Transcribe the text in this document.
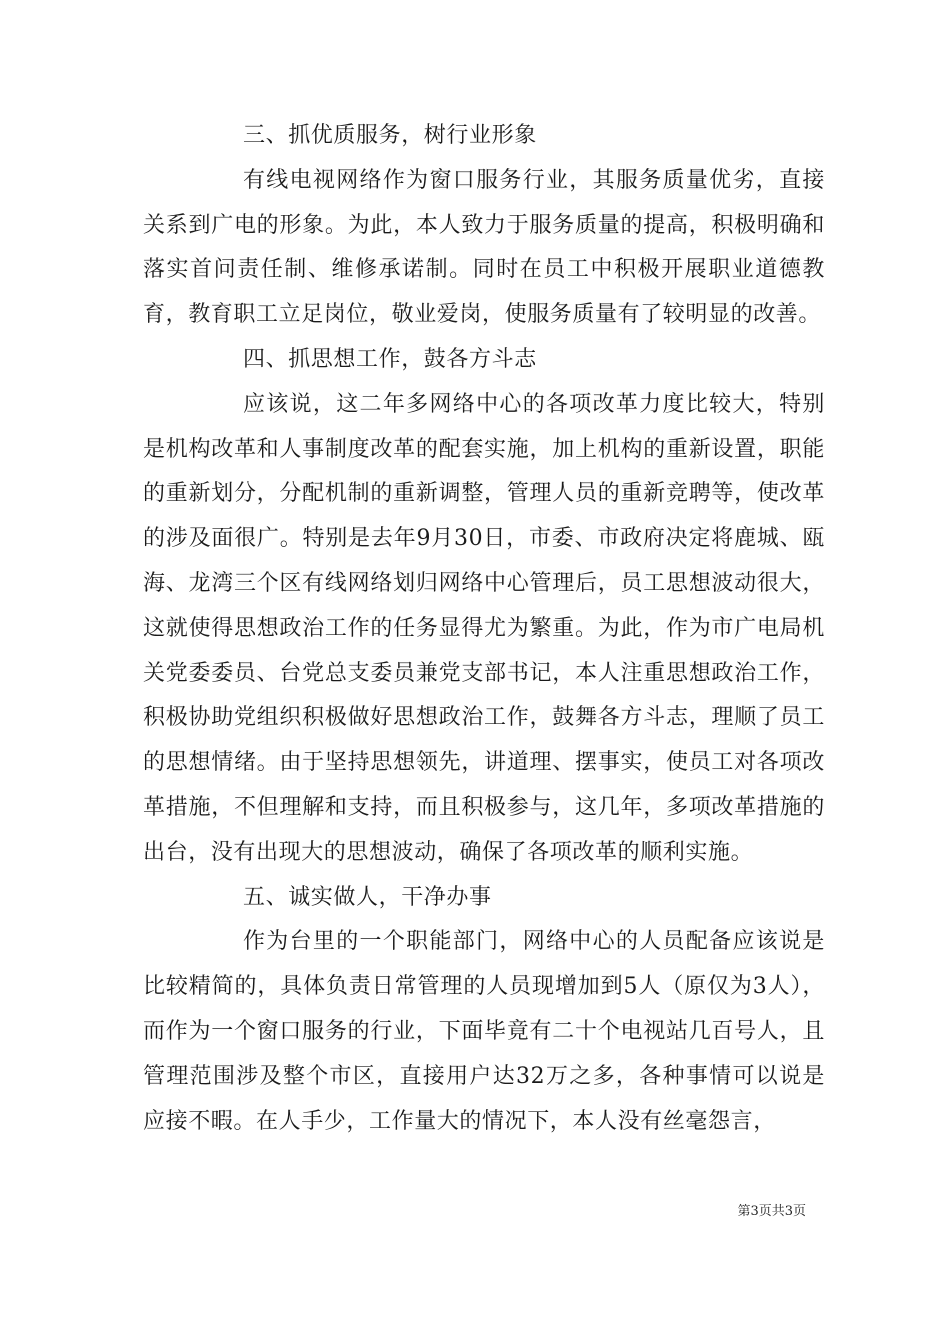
三、抓优质服务，树行业形象

有线电视网络作为窗口服务行业，其服务质量优劣，直接关系到广电的形象。为此，本人致力于服务质量的提高，积极明确和落实首问责任制、维修承诺制。同时在员工中积极开展职业道德教育，教育职工立足岗位，敬业爱岗，使服务质量有了较明显的改善。

四、抓思想工作，鼓各方斗志

应该说，这二年多网络中心的各项改革力度比较大，特别是机构改革和人事制度改革的配套实施，加上机构的重新设置，职能的重新划分，分配机制的重新调整，管理人员的重新竞聘等，使改革的涉及面很广。特别是去年9月30日，市委、市政府决定将鹿城、瓯海、龙湾三个区有线网络划归网络中心管理后，员工思想波动很大，这就使得思想政治工作的任务显得尤为繁重。为此，作为市广电局机关党委委员、台党总支委员兼党支部书记，本人注重思想政治工作，积极协助党组织积极做好思想政治工作，鼓舞各方斗志，理顺了员工的思想情绪。由于坚持思想领先，讲道理、摆事实，使员工对各项改革措施，不但理解和支持，而且积极参与，这几年，多项改革措施的出台，没有出现大的思想波动，确保了各项改革的顺利实施。

五、诚实做人，干净办事

作为台里的一个职能部门，网络中心的人员配备应该说是比较精简的，具体负责日常管理的人员现增加到5人（原仅为3人），而作为一个窗口服务的行业，下面毕竟有二十个电视站几百号人，且管理范围涉及整个市区，直接用户达32万之多，各种事情可以说是应接不暇。在人手少，工作量大的情况下，本人没有丝毫怨言，

第3页共3页
